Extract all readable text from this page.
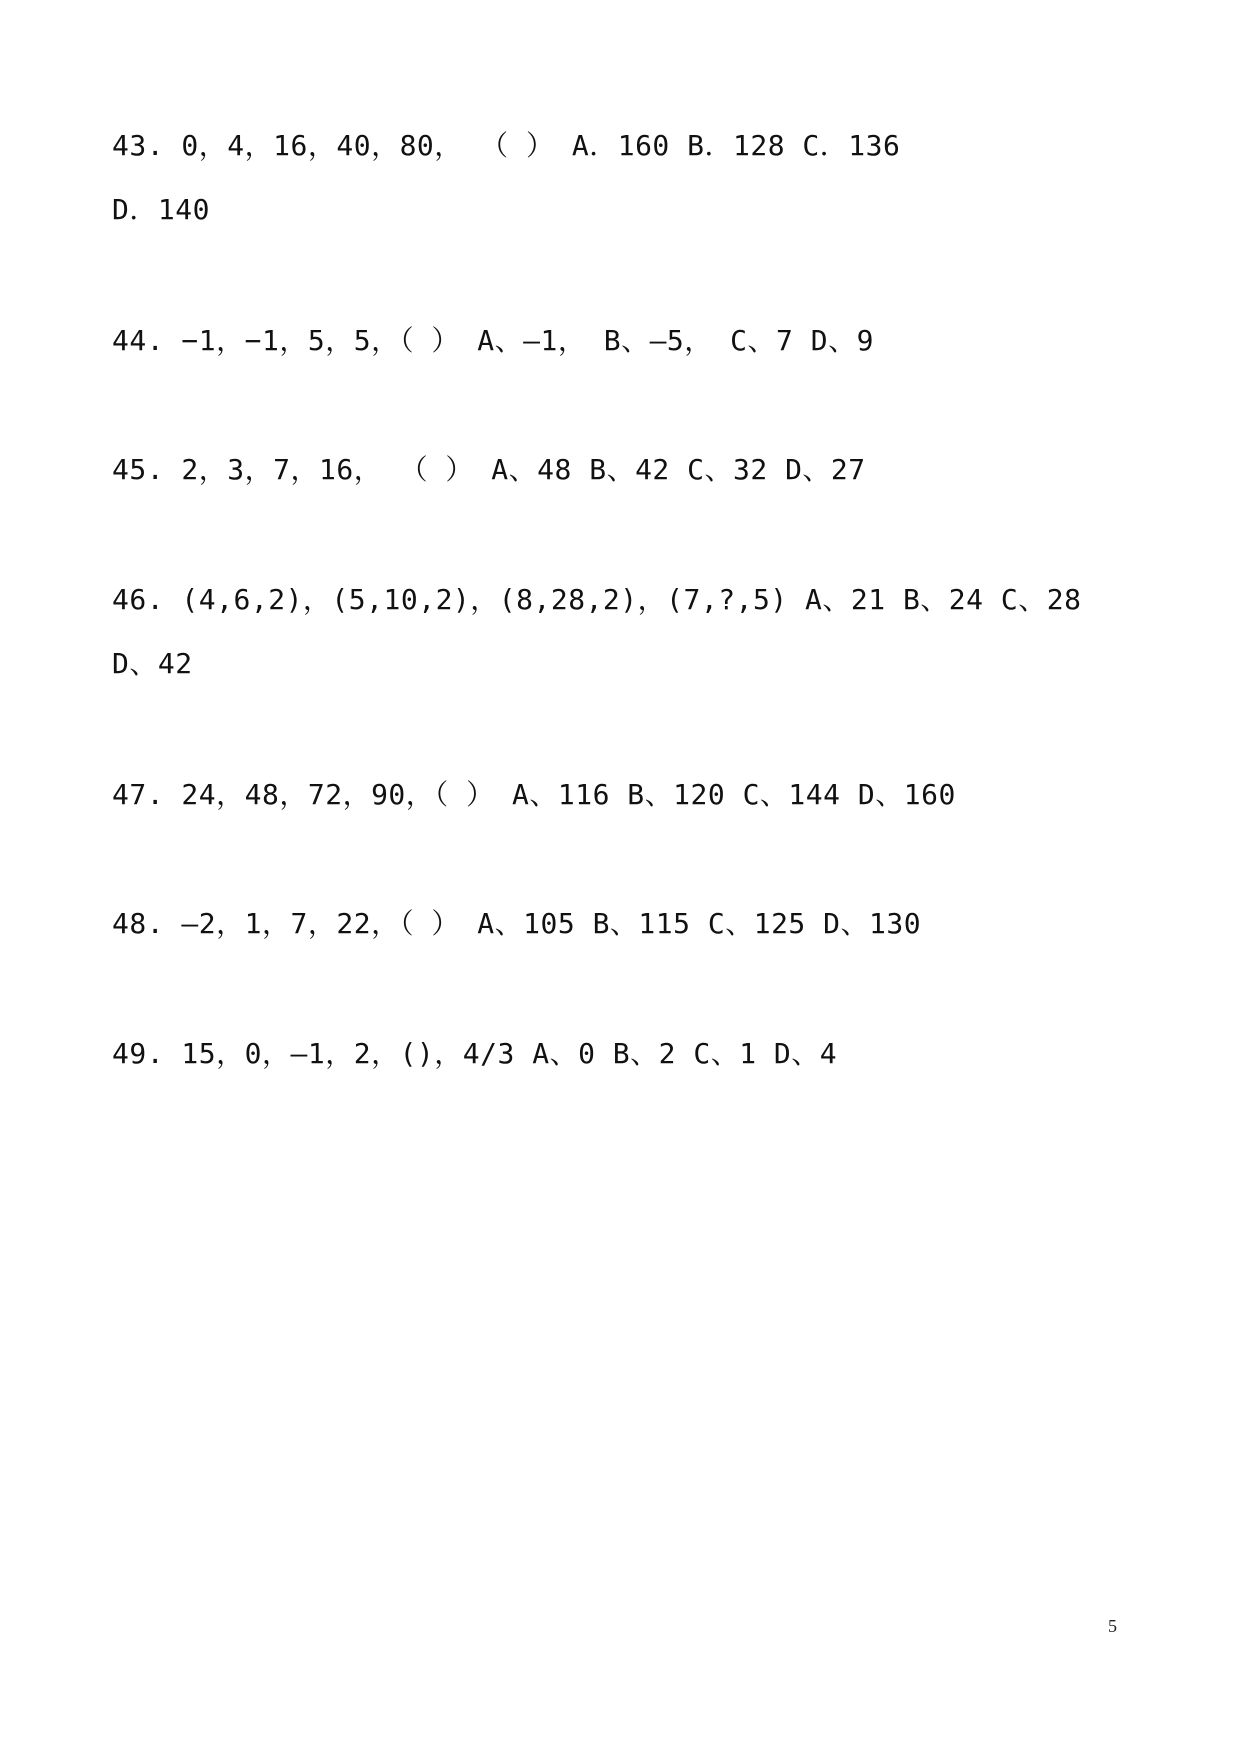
43. 0，4，16，40，80， （ ） A．160 B．128 C．136
D．140
44. −1，−1，5，5，（ ） A、—1， B、—5， C、7 D、9
45. 2，3，7，16， （ ） A、48 B、42 C、32 D、27
46. (4,6,2)，(5,10,2)，(8,28,2)，(7,?,5) A、21 B、24 C、28
D、42
47. 24，48，72，90，（ ） A、116 B、120 C、144 D、160
48. —2，1，7，22，（ ） A、105 B、115 C、125 D、130
49. 15，0，—1，2，()，4/3 A、0 B、2 C、1 D、4
5
